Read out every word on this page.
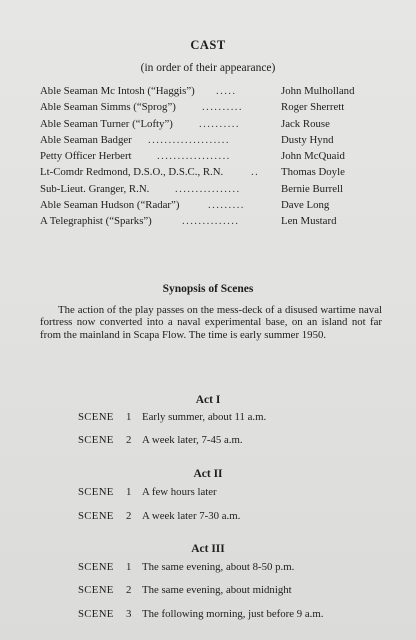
CAST
(in order of their appearance)
Able Seaman Mc Intosh (“Haggis”) .....	John Mulholland
Able Seaman Simms (“Sprog”) ..........	Roger Sherrett
Able Seaman Turner (“Lofty”) ..........	Jack Rouse
Able Seaman Badger ....................	Dusty Hynd
Petty Officer Herbert ..................	John McQuaid
Lt-Comdr Redmond, D.S.O., D.S.C., R.N.	..	Thomas Doyle
Sub-Lieut. Granger, R.N. ................	Bernie Burrell
Able Seaman Hudson (“Radar”)	.........	Dave Long
A Telegraphist (“Sparks”)	..............	Len Mustard
Synopsis of Scenes

The action of the play passes on the mess-deck of a disused wartime naval fortress now converted into a naval experimental base, on an island not far from the mainland in Scapa Flow. The time is early summer 1950.

Act I
SCENE 1 Early summer, about 11 a.m.
SCENE 2 A week later, 7-45 a.m.
Act II
SCENE 1 A few hours later
SCENE 2 A week later 7-30 a.m.
Act III
SCENE 1 The same evening, about 8-50 p.m.
SCENE 2 The same evening, about midnight
SCENE 3 The following morning, just before 9 a.m.
